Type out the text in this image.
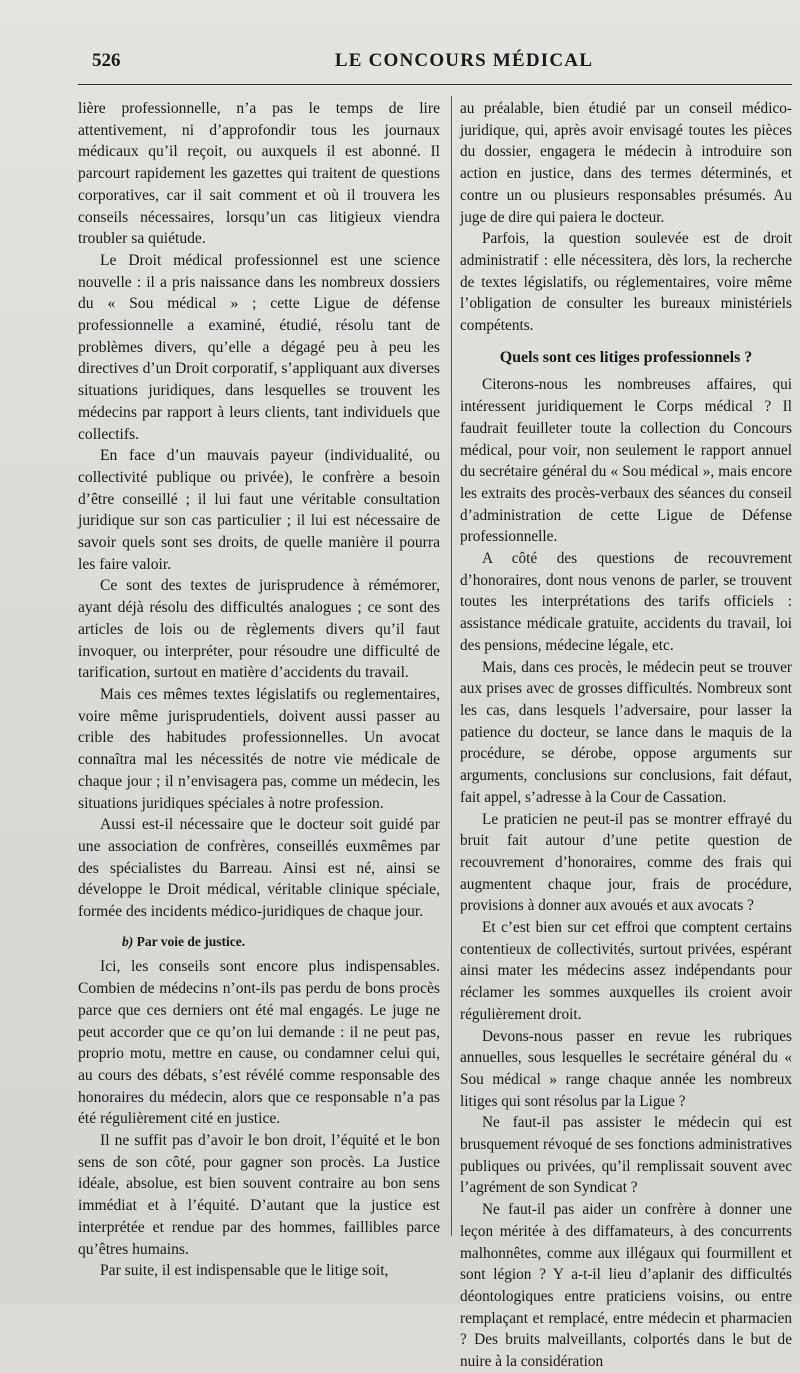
526	LE CONCOURS MÉDICAL

lière professionnelle, n’a pas le temps de lire attentivement, ni d’approfondir tous les journaux médicaux qu’il reçoit, ou auxquels il est abonné. Il parcourt rapidement les gazettes qui traitent de questions corporatives, car il sait comment et où il trouvera les conseils nécessaires, lorsqu’un cas litigieux viendra troubler sa quiétude.

Le Droit médical professionnel est une science nouvelle : il a pris naissance dans les nombreux dossiers du « Sou médical » ; cette Ligue de défense professionnelle a examiné, étudié, résolu tant de problèmes divers, qu’elle a dégagé peu à peu les directives d’un Droit corporatif, s’appliquant aux diverses situations juridiques, dans lesquelles se trouvent les médecins par rapport à leurs clients, tant individuels que collectifs.

En face d’un mauvais payeur (individualité, ou collectivité publique ou privée), le confrère a besoin d’être conseillé ; il lui faut une véritable consultation juridique sur son cas particulier ; il lui est nécessaire de savoir quels sont ses droits, de quelle manière il pourra les faire valoir.

Ce sont des textes de jurisprudence à rémémorer, ayant déjà résolu des difficultés analogues ; ce sont des articles de lois ou de règlements divers qu’il faut invoquer, ou interpréter, pour résoudre une difficulté de tarification, surtout en matière d’accidents du travail.

Mais ces mêmes textes législatifs ou reglementaires, voire même jurisprudentiels, doivent aussi passer au crible des habitudes professionnelles. Un avocat connaîtra mal les nécessités de notre vie médicale de chaque jour ; il n’envisagera pas, comme un médecin, les situations juridiques spéciales à notre profession.

Aussi est-il nécessaire que le docteur soit guidé par une association de confrères, conseillés euxmêmes par des spécialistes du Barreau. Ainsi est né, ainsi se développe le Droit médical, véritable clinique spéciale, formée des incidents médico-juridiques de chaque jour.

b) Par voie de justice.

Ici, les conseils sont encore plus indispensables. Combien de médecins n’ont-ils pas perdu de bons procès parce que ces derniers ont été mal engagés. Le juge ne peut accorder que ce qu’on lui demande : il ne peut pas, proprio motu, mettre en cause, ou condamner celui qui, au cours des débats, s’est révélé comme responsable des honoraires du médecin, alors que ce responsable n’a pas été régulièrement cité en justice.

Il ne suffit pas d’avoir le bon droit, l’équité et le bon sens de son côté, pour gagner son procès. La Justice idéale, absolue, est bien souvent contraire au bon sens immédiat et à l’équité. D’autant que la justice est interprétée et rendue par des hommes, faillibles parce qu’êtres humains.

Par suite, il est indispensable que le litige soit,

au préalable, bien étudié par un conseil médico-juridique, qui, après avoir envisagé toutes les pièces du dossier, engagera le médecin à introduire son action en justice, dans des termes déterminés, et contre un ou plusieurs responsables présumés. Au juge de dire qui paiera le docteur.

Parfois, la question soulevée est de droit administratif : elle nécessitera, dès lors, la recherche de textes législatifs, ou réglementaires, voire même l’obligation de consulter les bureaux ministériels compétents.

Quels sont ces litiges professionnels ?

Citerons-nous les nombreuses affaires, qui intéressent juridiquement le Corps médical ? Il faudrait feuilleter toute la collection du Concours médical, pour voir, non seulement le rapport annuel du secrétaire général du « Sou médical », mais encore les extraits des procès-verbaux des séances du conseil d’administration de cette Ligue de Défense professionnelle.

A côté des questions de recouvrement d’honoraires, dont nous venons de parler, se trouvent toutes les interprétations des tarifs officiels : assistance médicale gratuite, accidents du travail, loi des pensions, médecine légale, etc.

Mais, dans ces procès, le médecin peut se trouver aux prises avec de grosses difficultés. Nombreux sont les cas, dans lesquels l’adversaire, pour lasser la patience du docteur, se lance dans le maquis de la procédure, se dérobe, oppose arguments sur arguments, conclusions sur conclusions, fait défaut, fait appel, s’adresse à la Cour de Cassation.

Le praticien ne peut-il pas se montrer effrayé du bruit fait autour d’une petite question de recouvrement d’honoraires, comme des frais qui augmentent chaque jour, frais de procédure, provisions à donner aux avoués et aux avocats ?

Et c’est bien sur cet effroi que comptent certains contentieux de collectivités, surtout privées, espérant ainsi mater les médecins assez indépendants pour réclamer les sommes auxquelles ils croient avoir régulièrement droit.

Devons-nous passer en revue les rubriques annuelles, sous lesquelles le secrétaire général du « Sou médical » range chaque année les nombreux litiges qui sont résolus par la Ligue ?

Ne faut-il pas assister le médecin qui est brusquement révoqué de ses fonctions administratives publiques ou privées, qu’il remplissait souvent avec l’agrément de son Syndicat ?

Ne faut-il pas aider un confrère à donner une leçon méritée à des diffamateurs, à des concurrents malhonnêtes, comme aux illégaux qui fourmillent et sont légion ? Y a-t-il lieu d’aplanir des difficultés déontologiques entre praticiens voisins, ou entre remplaçant et remplacé, entre médecin et pharmacien ? Des bruits malveillants, colportés dans le but de nuire à la considération
